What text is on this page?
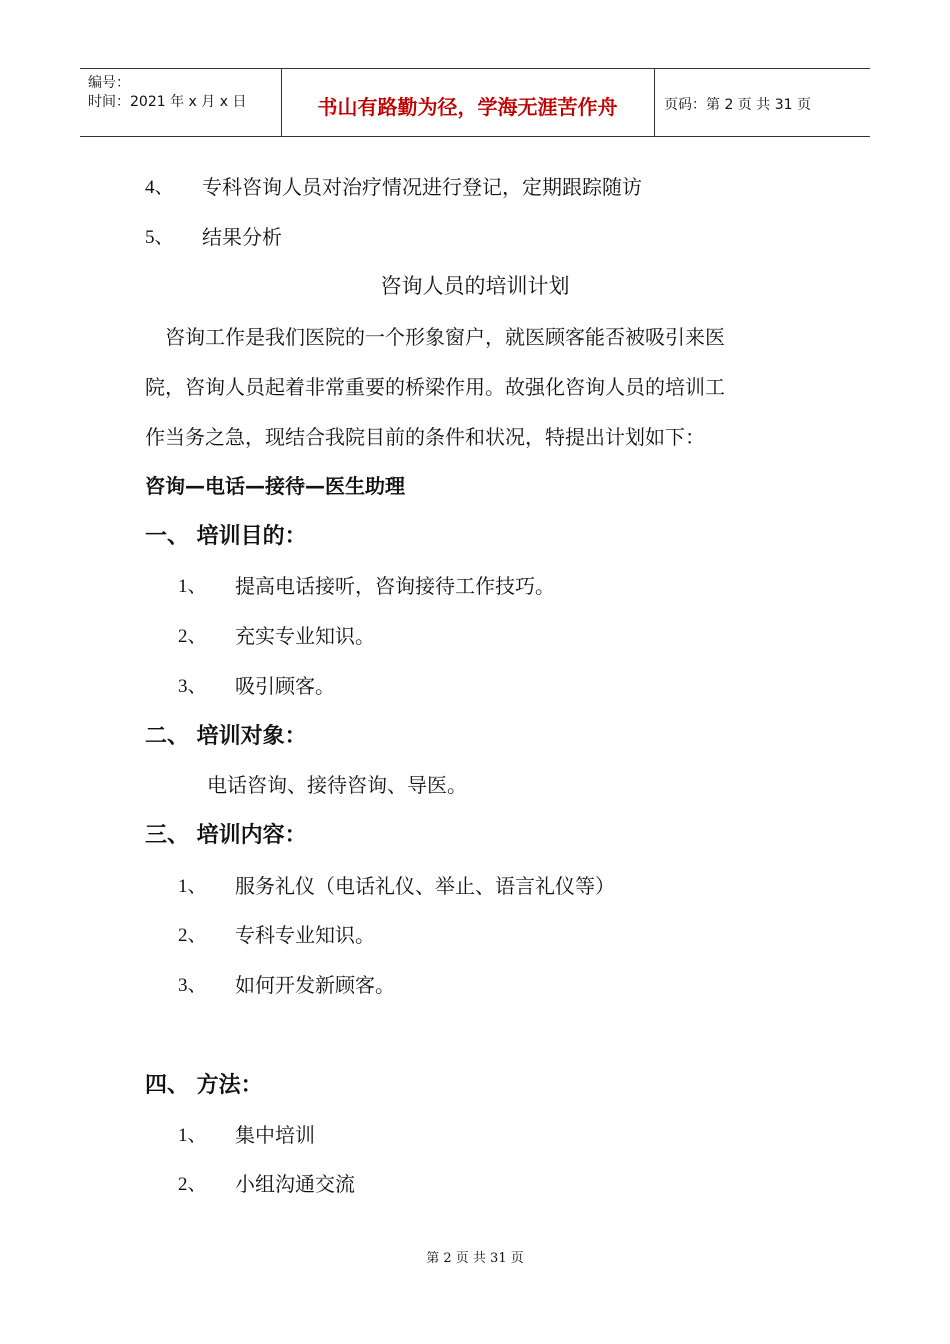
编号：
时间：2021 年 x 月 x 日	书山有路勤为径，学海无涯苦作舟	页码：第 2 页 共 31 页
4、 专科咨询人员对治疗情况进行登记，定期跟踪随访
5、 结果分析
咨询人员的培训计划
咨询工作是我们医院的一个形象窗户，就医顾客能否被吸引来医
院，咨询人员起着非常重要的桥梁作用。故强化咨询人员的培训工
作当务之急，现结合我院目前的条件和状况，特提出计划如下：
咨询—电话—接待—医生助理
一、 培训目的：
1、 提高电话接听，咨询接待工作技巧。
2、 充实专业知识。
3、 吸引顾客。
二、 培训对象：
电话咨询、接待咨询、导医。
三、 培训内容：
1、 服务礼仪（电话礼仪、举止、语言礼仪等）
2、 专科专业知识。
3、 如何开发新顾客。
四、 方法：
1、 集中培训
2、 小组沟通交流
第 2 页 共 31 页
